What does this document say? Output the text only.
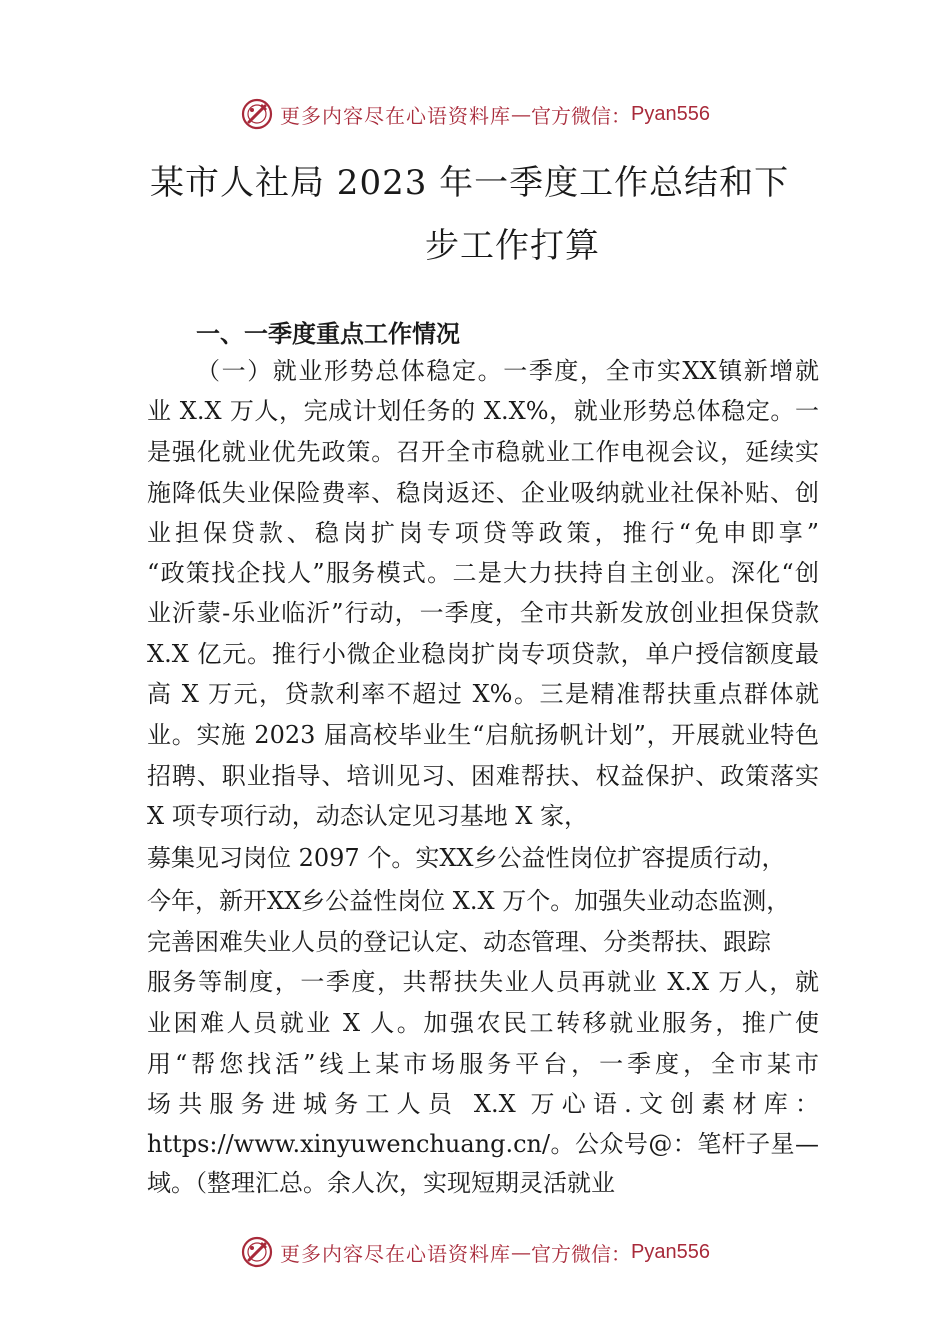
更多内容尽在心语资料库 — 官方微信： Pyan556
某市人社局 2023 年一季度工作总结和下
步工作打算
一、一季度重点工作情况
（一）就业形势总体稳定。一季度，全市实XX镇新增就
业 X.X 万人，完成计划任务的 X.X%，就业形势总体稳定。一
是强化就业优先政策。召开全市稳就业工作电视会议，延续实
施降低失业保险费率、稳岗返还、企业吸纳就业社保补贴、创
业担保贷款、稳岗扩岗专项贷等政策，推行“免申即享”
“政策找企找人”服务模式。二是大力扶持自主创业。深化“创
业沂蒙-乐业临沂”行动，一季度，全市共新发放创业担保贷款
X.X 亿元。推行小微企业稳岗扩岗专项贷款，单户授信额度最
高 X 万元，贷款利率不超过 X%。三是精准帮扶重点群体就
业。实施 2023 届高校毕业生“启航扬帆计划”，开展就业特色
招聘、职业指导、培训见习、困难帮扶、权益保护、政策落实
X 项专项行动，动态认定见习基地 X 家，
募集见习岗位 2097 个。实XX乡公益性岗位扩容提质行动，
今年，新开XX乡公益性岗位 X.X 万个。加强失业动态监测，
完善困难失业人员的登记认定、动态管理、分类帮扶、跟踪
服务等制度，一季度，共帮扶失业人员再就业 X.X 万人，就
业困难人员就业 X 人。加强农民工转移就业服务，推广使
用“帮您找活”线上某市场服务平台，一季度，全市某市
场共服务进城务工人员 X.X 万心语.文创素材库：
https://www.xinyuwenchuang.cn/。公众号@：笔杆子星—
域。（整理汇总。余人次，实现短期灵活就业
更多内容尽在心语资料库 — 官方微信： Pyan556
